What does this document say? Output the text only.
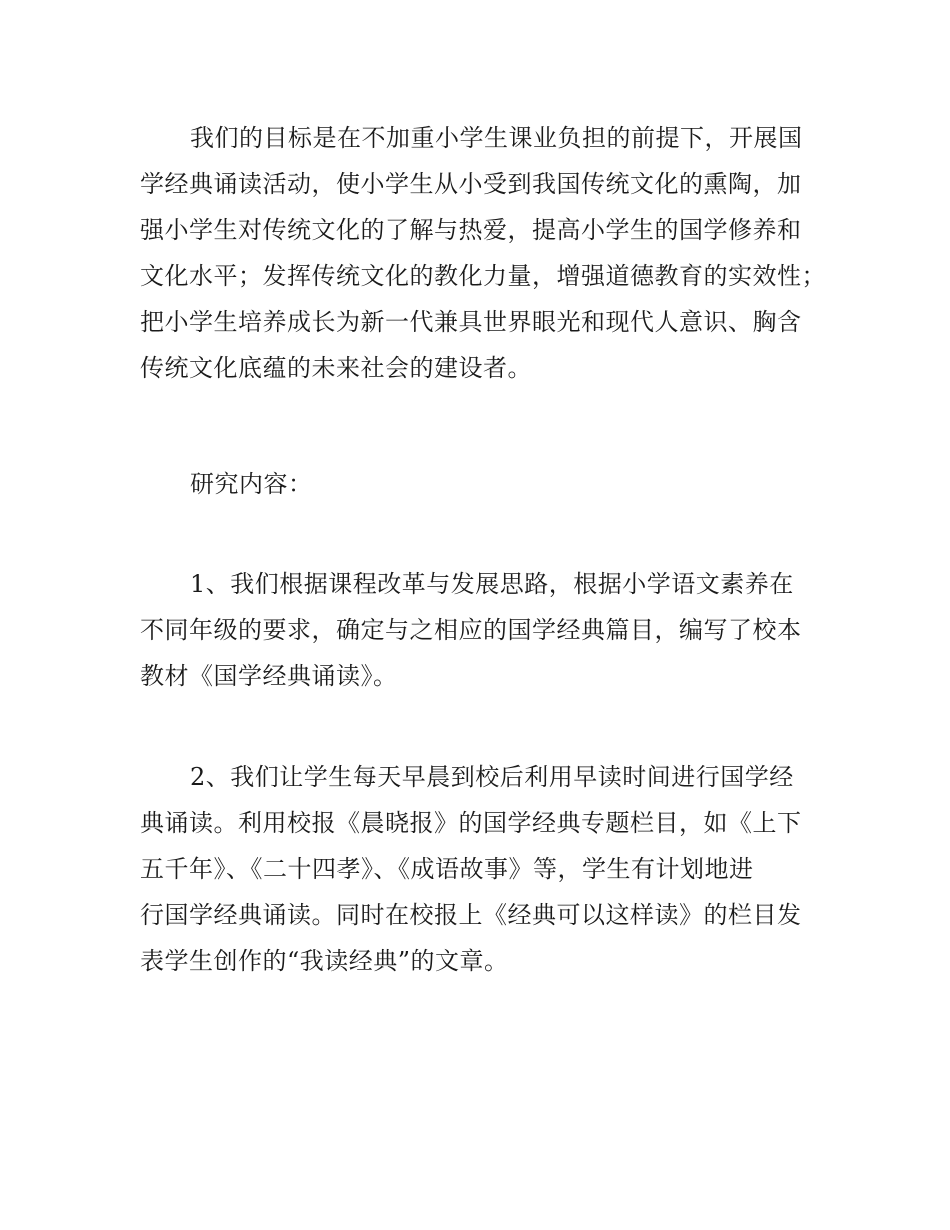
我们的目标是在不加重小学生课业负担的前提下，开展国
学经典诵读活动，使小学生从小受到我国传统文化的熏陶，加
强小学生对传统文化的了解与热爱，提高小学生的国学修养和
文化水平；发挥传统文化的教化力量，增强道德教育的实效性；
把小学生培养成长为新一代兼具世界眼光和现代人意识、胸含
传统文化底蕴的未来社会的建设者。
研究内容：
1、我们根据课程改革与发展思路，根据小学语文素养在
不同年级的要求，确定与之相应的国学经典篇目，编写了校本
教材《国学经典诵读》。
2、我们让学生每天早晨到校后利用早读时间进行国学经
典诵读。利用校报《晨晓报》的国学经典专题栏目，如《上下
五千年》、《二十四孝》、《成语故事》等，学生有计划地进
行国学经典诵读。同时在校报上《经典可以这样读》的栏目发
表学生创作的“我读经典”的文章。
